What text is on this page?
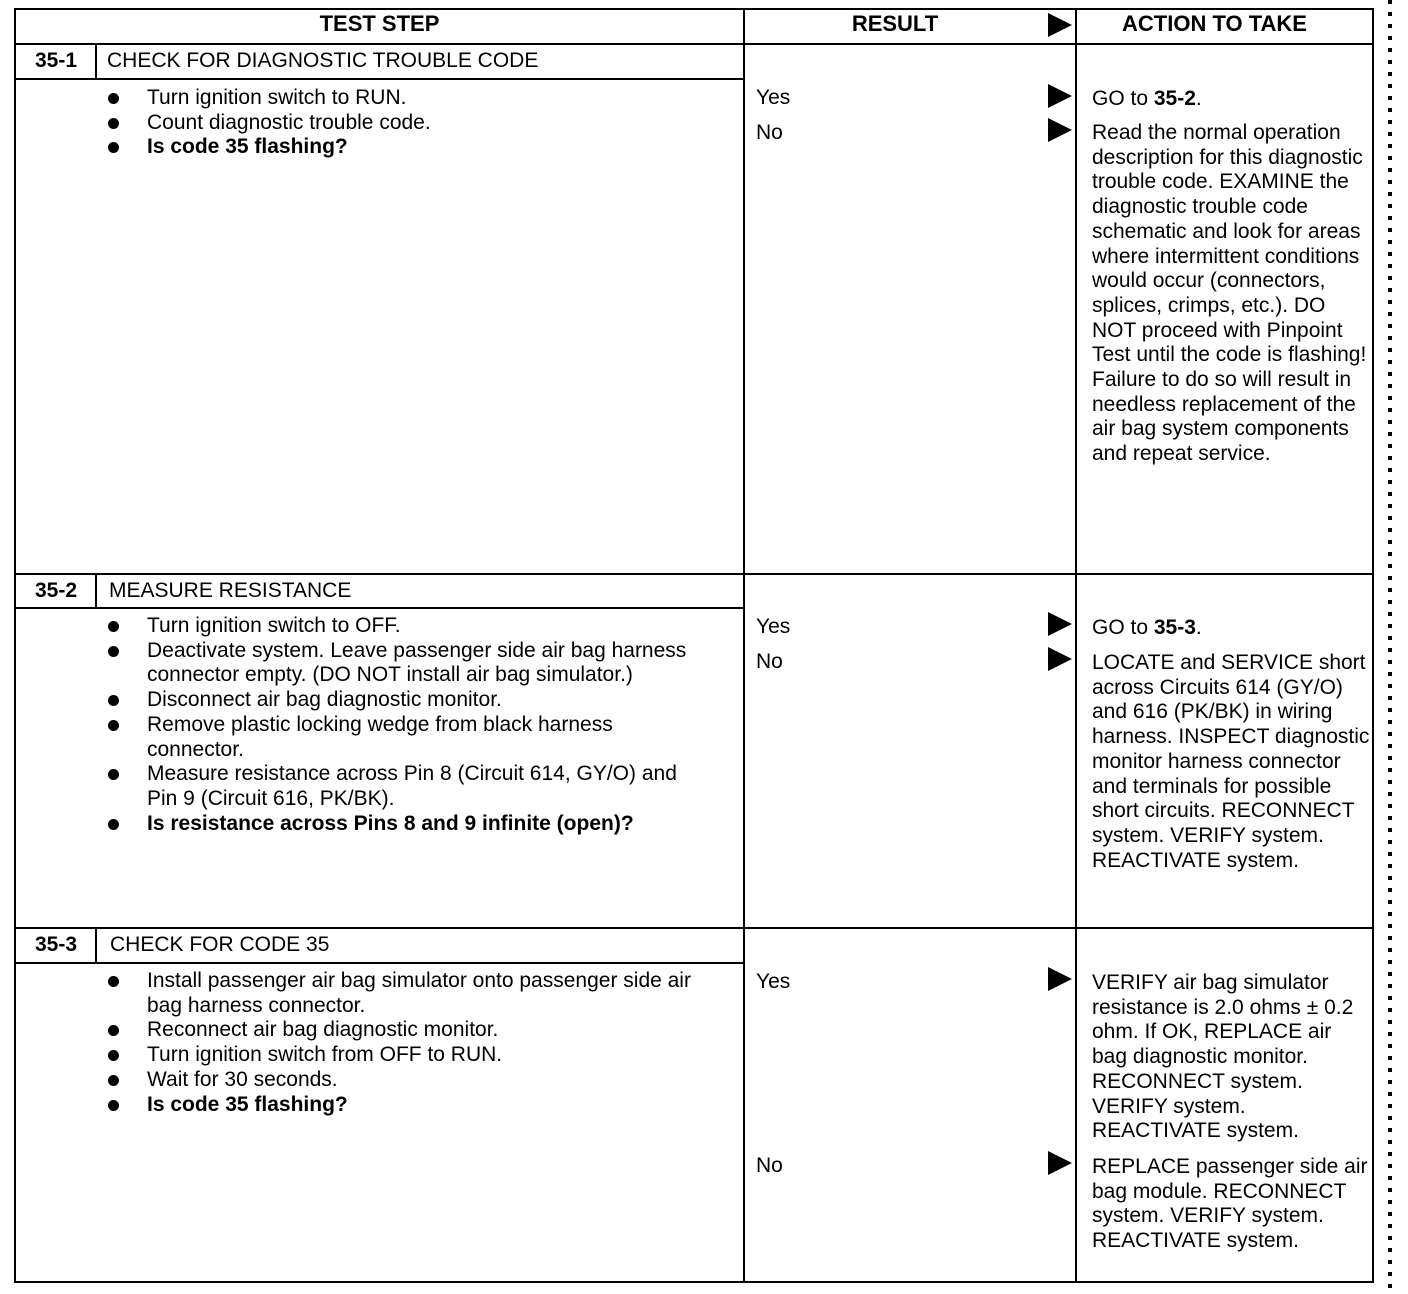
TEST STEP	RESULT	ACTION TO TAKE
35-1	CHECK FOR DIAGNOSTIC TROUBLE CODE
Turn ignition switch to RUN.
Count diagnostic trouble code.
Is code 35 flashing?
Yes	GO to 35-2.
No	Read the normal operation description for this diagnostic trouble code. EXAMINE the diagnostic trouble code schematic and look for areas where intermittent conditions would occur (connectors, splices, crimps, etc.). DO NOT proceed with Pinpoint Test until the code is flashing! Failure to do so will result in needless replacement of the air bag system components and repeat service.
35-2	MEASURE RESISTANCE
Turn ignition switch to OFF.
Deactivate system. Leave passenger side air bag harness connector empty. (DO NOT install air bag simulator.)
Disconnect air bag diagnostic monitor.
Remove plastic locking wedge from black harness connector.
Measure resistance across Pin 8 (Circuit 614, GY/O) and Pin 9 (Circuit 616, PK/BK).
Is resistance across Pins 8 and 9 infinite (open)?
Yes	GO to 35-3.
No	LOCATE and SERVICE short across Circuits 614 (GY/O) and 616 (PK/BK) in wiring harness. INSPECT diagnostic monitor harness connector and terminals for possible short circuits. RECONNECT system. VERIFY system. REACTIVATE system.
35-3	CHECK FOR CODE 35
Install passenger air bag simulator onto passenger side air bag harness connector.
Reconnect air bag diagnostic monitor.
Turn ignition switch from OFF to RUN.
Wait for 30 seconds.
Is code 35 flashing?
Yes	VERIFY air bag simulator resistance is 2.0 ohms ± 0.2 ohm. If OK, REPLACE air bag diagnostic monitor. RECONNECT system. VERIFY system. REACTIVATE system.
No	REPLACE passenger side air bag module. RECONNECT system. VERIFY system. REACTIVATE system.
